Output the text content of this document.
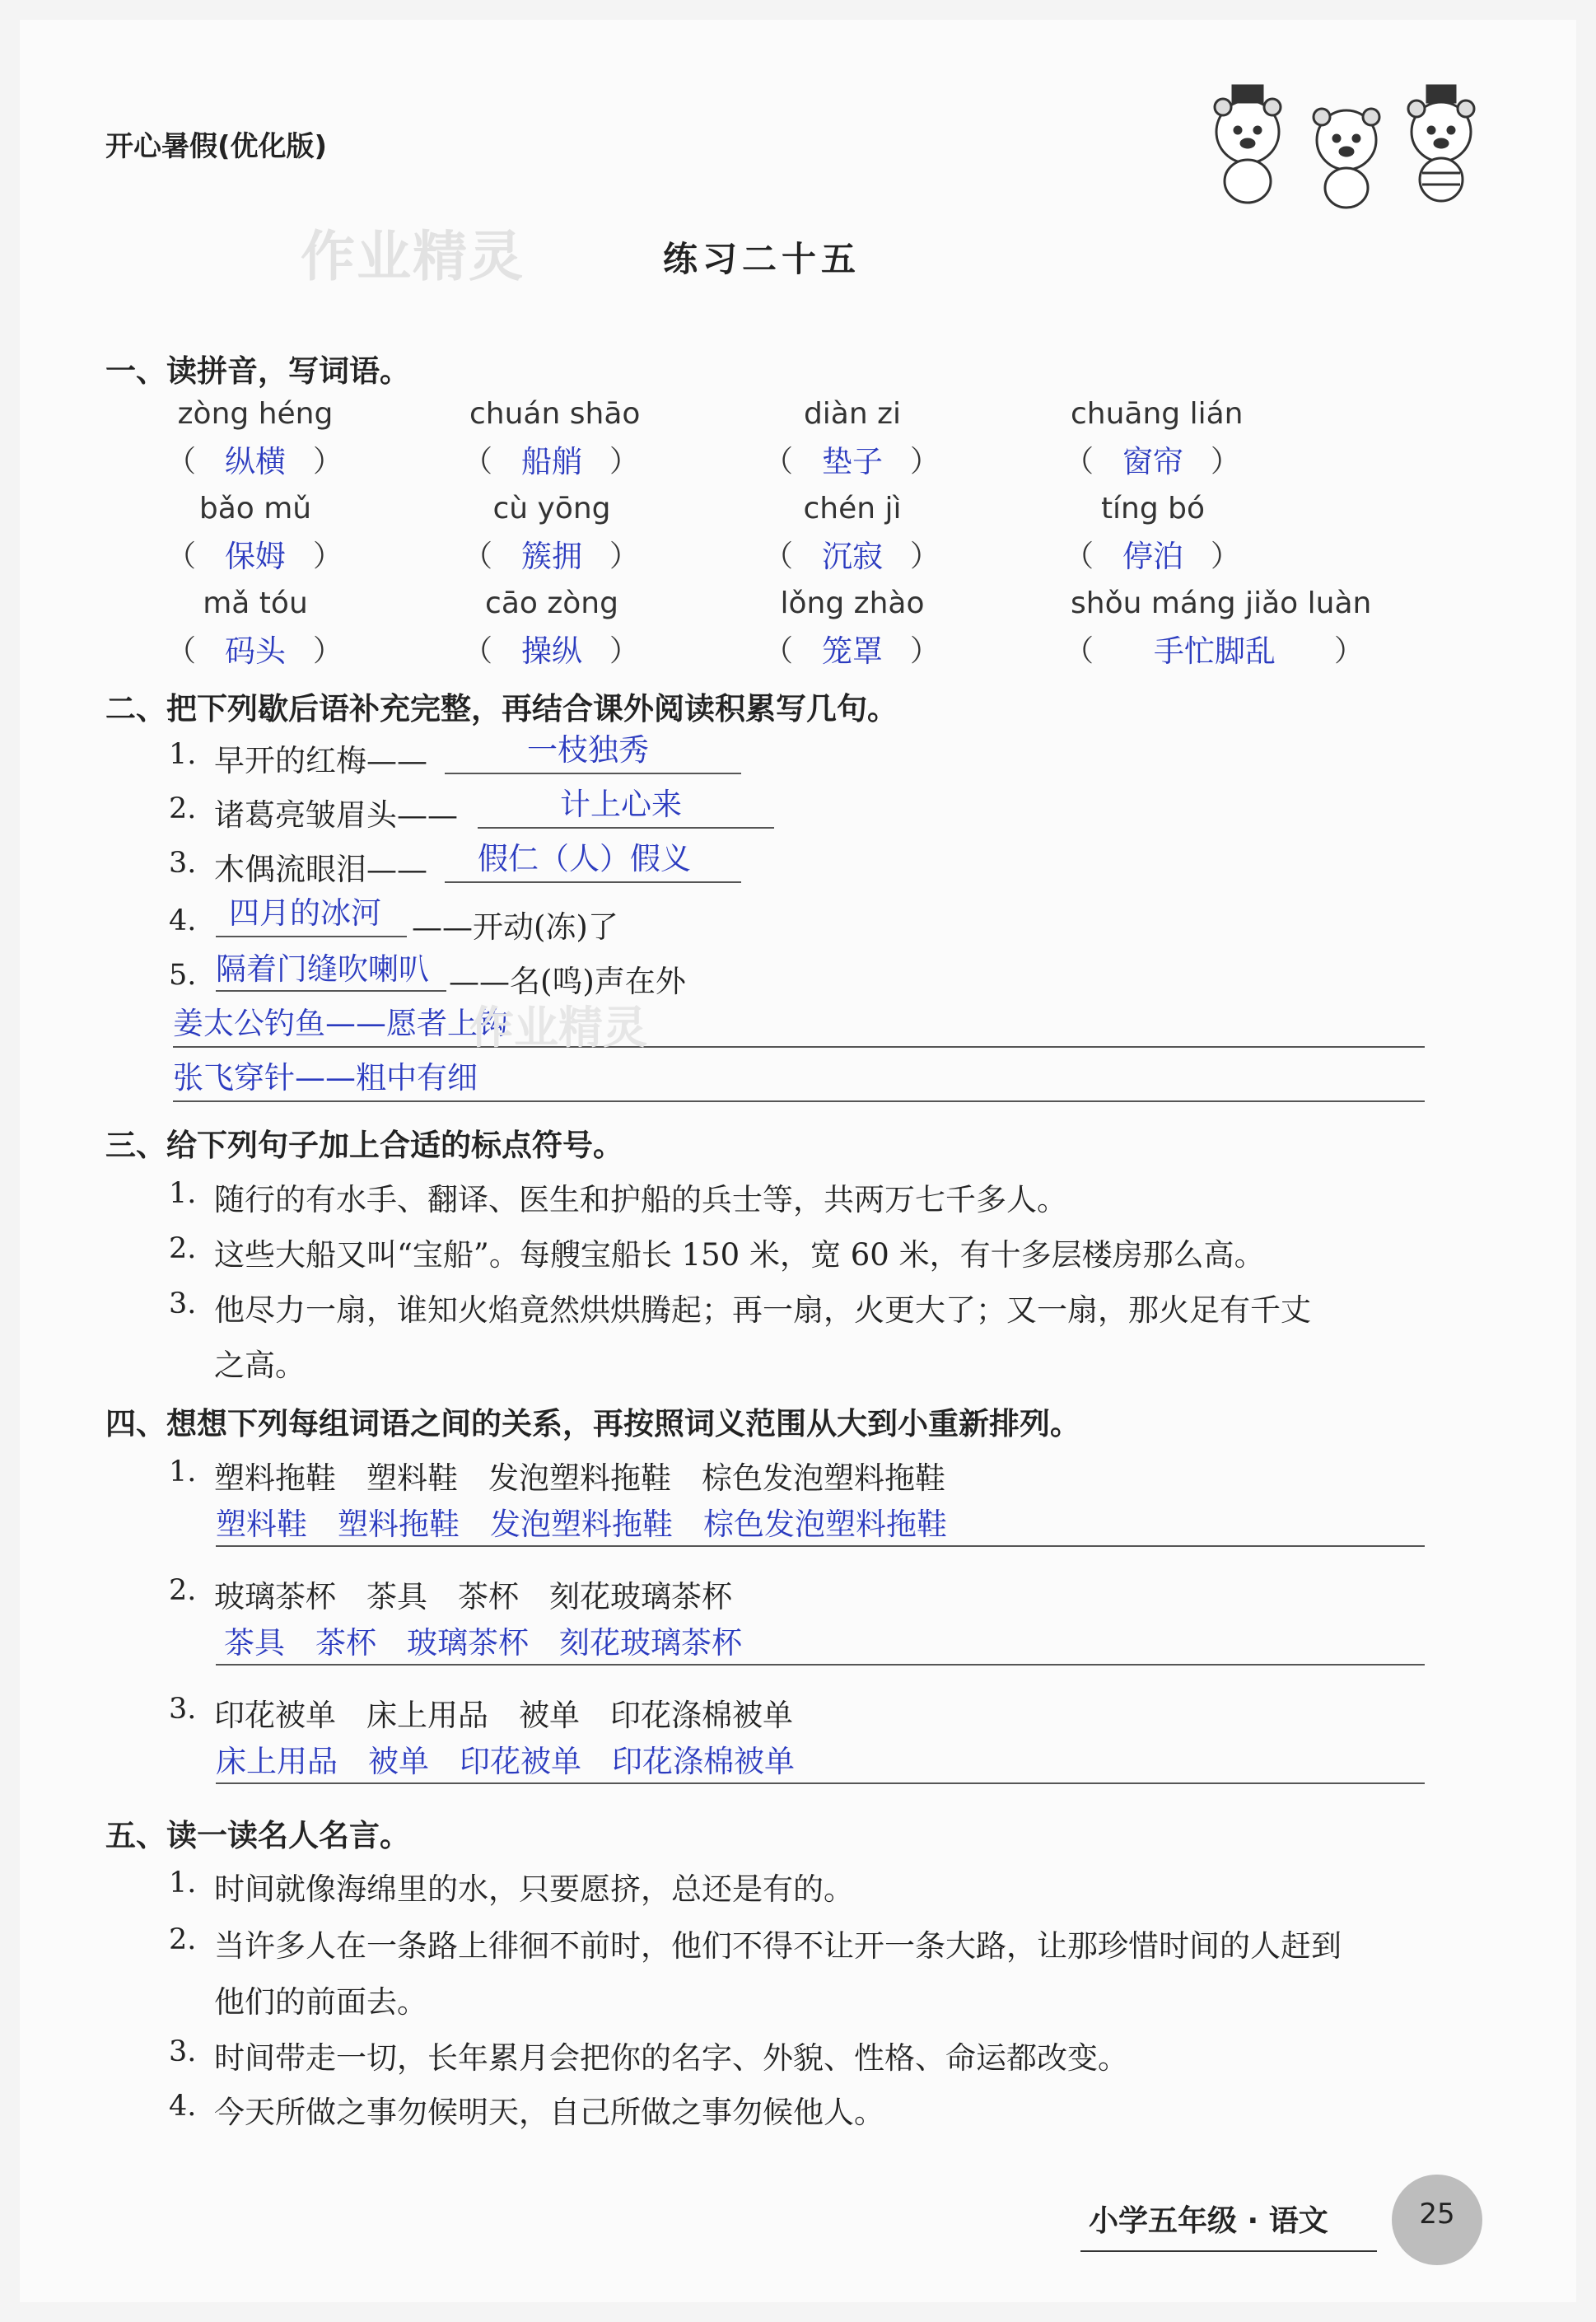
开心暑假(优化版)
作业精灵	练习二十五
一、读拼音，写词语。
zòng héng
（ 纵横 ）
chuán shāo
（ 船艄 ）
diàn zi
（ 垫子 ）
chuāng lián
（ 窗帘 ）
bǎo mǔ
（ 保姆 ）
cù yōng
（ 簇拥 ）
chén jì
（ 沉寂 ）
tíng bó
（ 停泊 ）
mǎ tóu
（ 码头 ）
cāo zòng
（ 操纵 ）
lǒng zhào
（ 笼罩 ）
shǒu máng jiǎo luàn
（	手忙脚乱	）
二、把下列歇后语补充完整，再结合课外阅读积累写几句。
1. 早开的红梅——	一枝独秀
2. 诸葛亮皱眉头——	计上心来
3. 木偶流眼泪—— 假仁（人）假义
4. 四月的冰河 ——开动(冻)了
5. 隔着门缝吹喇叭 ——名(鸣)声在外
姜太公钓鱼——愿者上钩
作业精灵
张飞穿针——粗中有细
三、给下列句子加上合适的标点符号。
1. 随行的有水手、翻译、医生和护船的兵士等，共两万七千多人。
2. 这些大船又叫“宝船”。每艘宝船长 150 米，宽 60 米，有十多层楼房那么高。
3. 他尽力一扇，谁知火焰竟然烘烘腾起；再一扇，火更大了；又一扇，那火足有千丈
之高。
四、想想下列每组词语之间的关系，再按照词义范围从大到小重新排列。
1. 塑料拖鞋　塑料鞋　发泡塑料拖鞋　棕色发泡塑料拖鞋
塑料鞋　塑料拖鞋　发泡塑料拖鞋　棕色发泡塑料拖鞋
2. 玻璃茶杯　茶具　茶杯　刻花玻璃茶杯
茶具　茶杯　玻璃茶杯　刻花玻璃茶杯
3. 印花被单　床上用品　被单　印花涤棉被单
床上用品　被单　印花被单　印花涤棉被单
五、读一读名人名言。
1. 时间就像海绵里的水，只要愿挤，总还是有的。
2. 当许多人在一条路上徘徊不前时，他们不得不让开一条大路，让那珍惜时间的人赶到
他们的前面去。
3. 时间带走一切，长年累月会把你的名字、外貌、性格、命运都改变。
4. 今天所做之事勿候明天，自己所做之事勿候他人。
小学五年级 · 语文	25
